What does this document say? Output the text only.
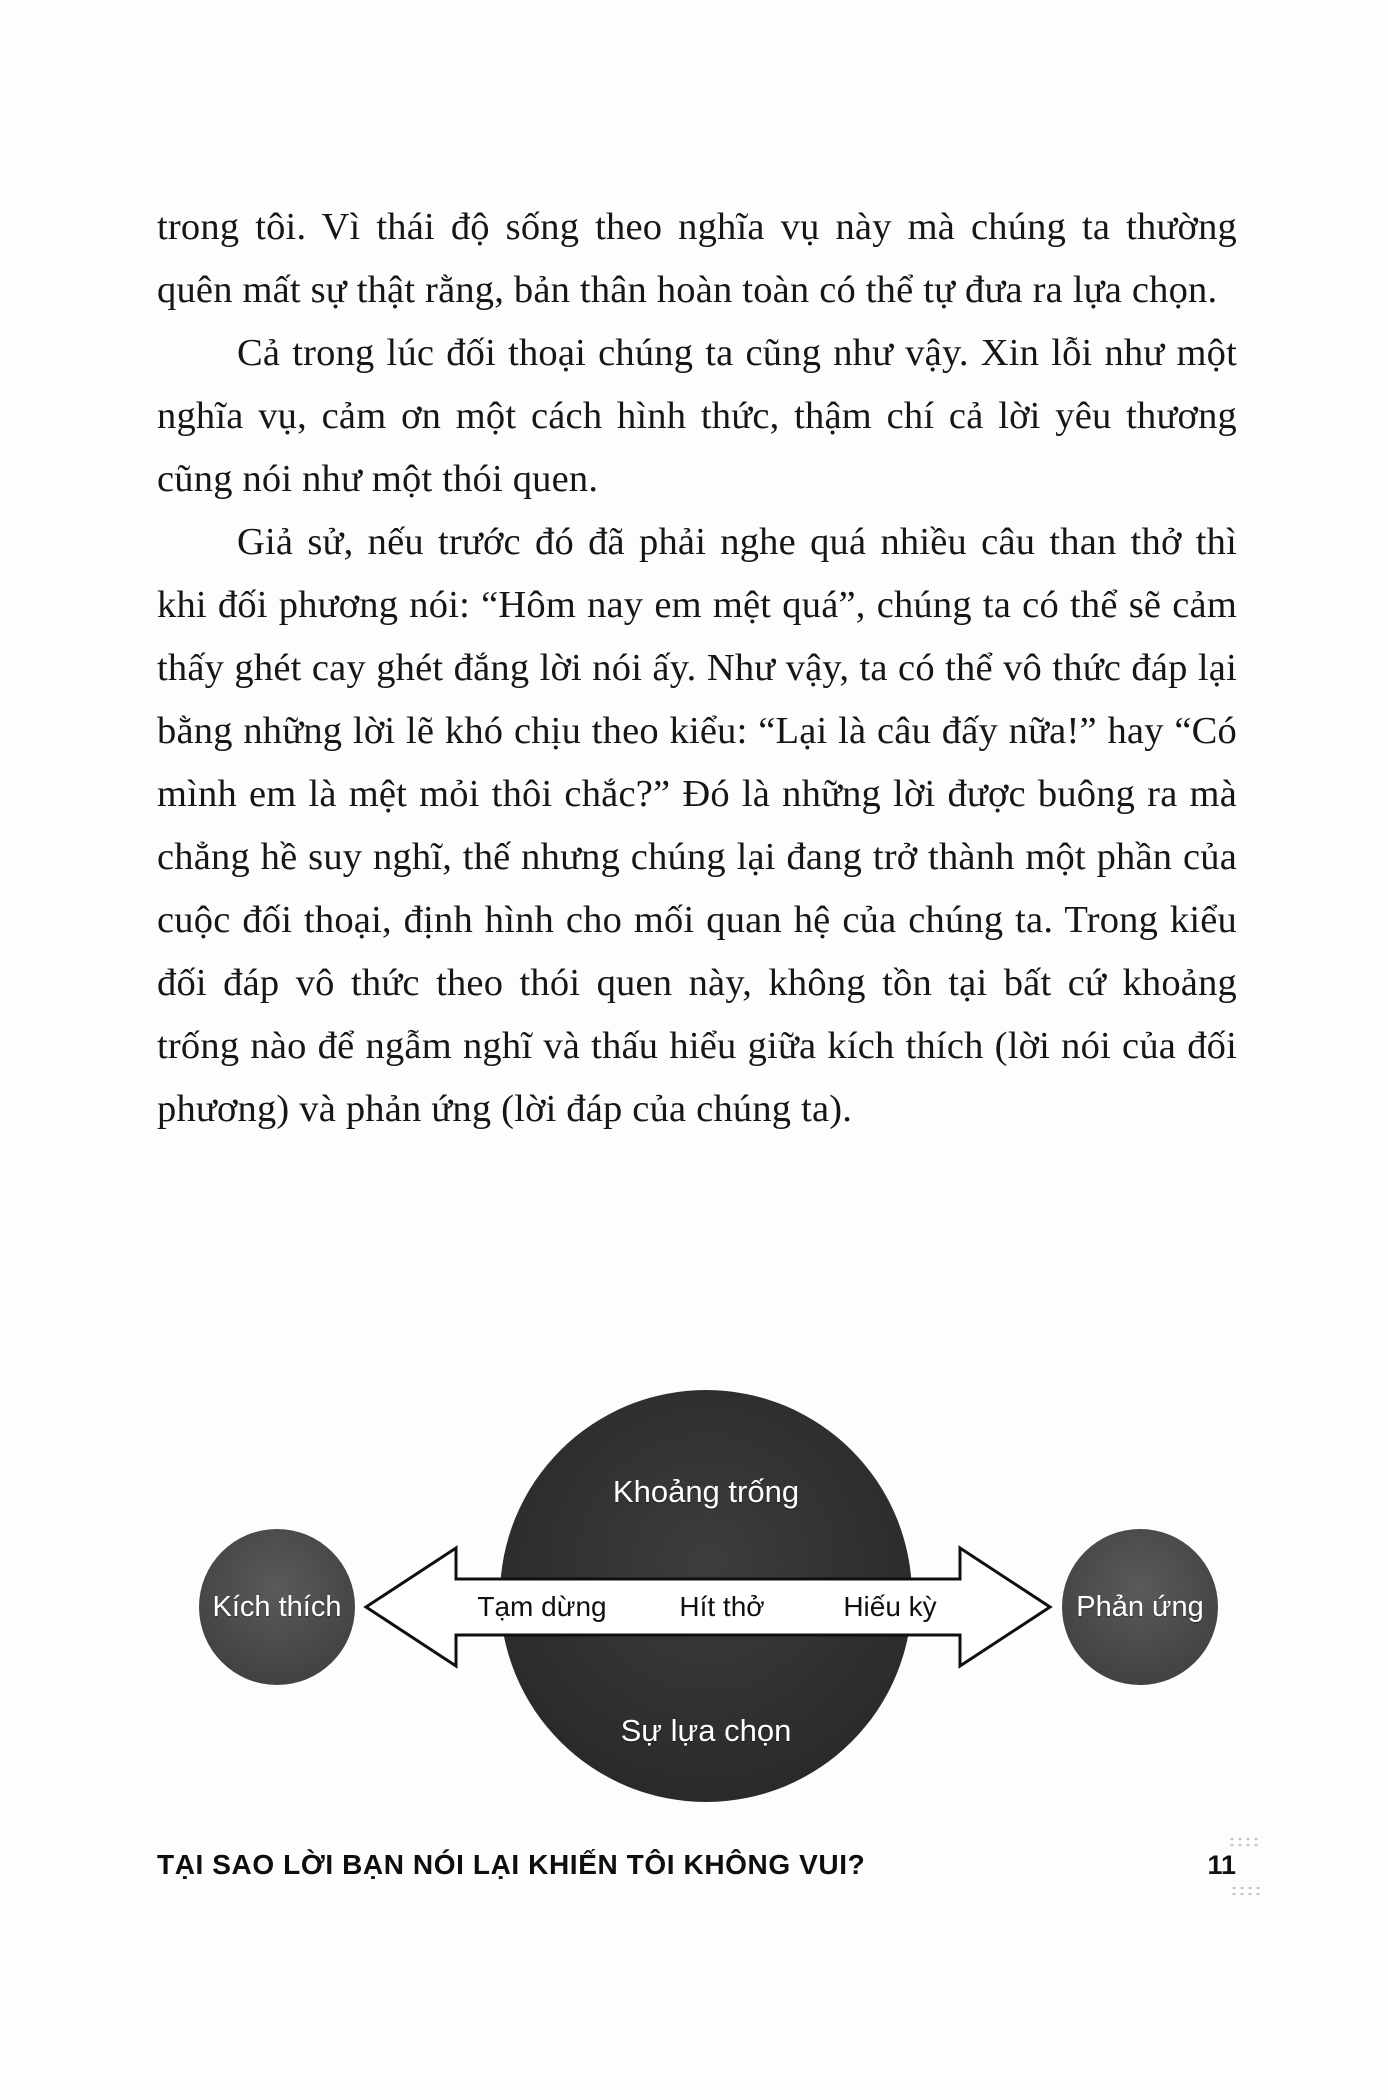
trong tôi. Vì thái độ sống theo nghĩa vụ này mà chúng ta thường quên mất sự thật rằng, bản thân hoàn toàn có thể tự đưa ra lựa chọn.

Cả trong lúc đối thoại chúng ta cũng như vậy. Xin lỗi như một nghĩa vụ, cảm ơn một cách hình thức, thậm chí cả lời yêu thương cũng nói như một thói quen.

Giả sử, nếu trước đó đã phải nghe quá nhiều câu than thở thì khi đối phương nói: “Hôm nay em mệt quá”, chúng ta có thể sẽ cảm thấy ghét cay ghét đắng lời nói ấy. Như vậy, ta có thể vô thức đáp lại bằng những lời lẽ khó chịu theo kiểu: “Lại là câu đấy nữa!” hay “Có mình em là mệt mỏi thôi chắc?” Đó là những lời được buông ra mà chẳng hề suy nghĩ, thế nhưng chúng lại đang trở thành một phần của cuộc đối thoại, định hình cho mối quan hệ của chúng ta. Trong kiểu đối đáp vô thức theo thói quen này, không tồn tại bất cứ khoảng trống nào để ngẫm nghĩ và thấu hiểu giữa kích thích (lời nói của đối phương) và phản ứng (lời đáp của chúng ta).

Kích thích	Phản ứng
Khoảng trống
Sự lựa chọn
Tạm dừng	Hít thở	Hiếu kỳ
TẠI SAO LỜI BẠN NÓI LẠI KHIẾN TÔI KHÔNG VUI?	11
